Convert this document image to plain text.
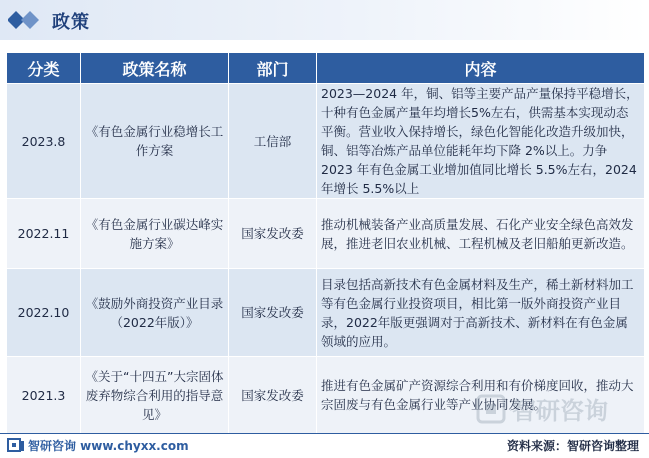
政策
分类	政策名称	部门	内容
2023.8	《有色金属行业稳增长工作方案	工信部	2023—2024 年，铜、铝等主要产品产量保持平稳增长，十种有色金属产量年均增长5%左右，供需基本实现动态平衡。营业收入保持增长，绿色化智能化改造升级加快，铜、铝等冶炼产品单位能耗年均下降 2%以上。力争 2023 年有色金属工业增加值同比增长 5.5%左右，2024年增长 5.5%以上
2022.11	《有色金属行业碳达峰实施方案》	国家发改委	推动机械装备产业高质量发展、石化产业安全绿色高效发展，推进老旧农业机械、工程机械及老旧船舶更新改造。
2022.10	《鼓励外商投资产业目录（2022年版）》	国家发改委	目录包括高新技术有色金属材料及生产，稀土新材料加工等有色金属行业投资项目，相比第一版外商投资产业目录，2022年版更强调对于高新技术、新材料在有色金属领域的应用。
2021.3	《关于“十四五”大宗固体废弃物综合利用的指导意见》	国家发改委	推进有色金属矿产资源综合利用和有价梯度回收，推动大宗固废与有色金属行业等产业协同发展。
智研咨询
智研咨询 www.chyxx.com	资料来源：智研咨询整理
